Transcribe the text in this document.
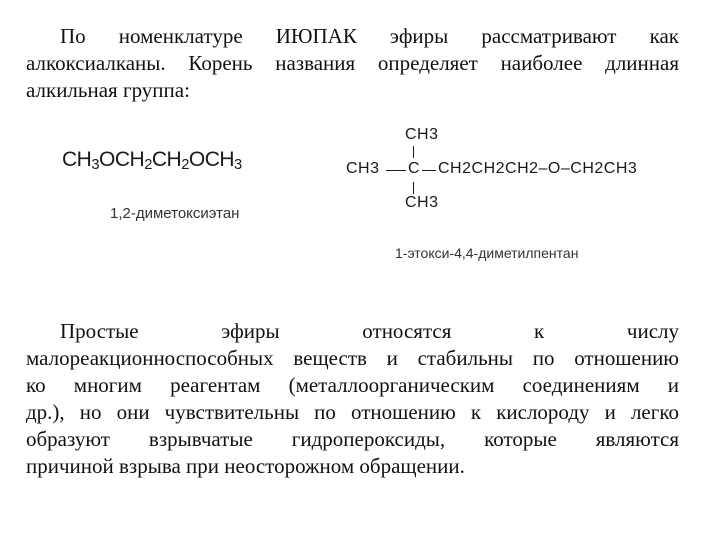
По номенклатуре ИЮПАК эфиры рассматривают как
алкоксиалканы. Корень названия определяет наиболее длинная
алкильная группа:
$CH_3OCH_2CH_2OCH_3$
1,2-диметоксиэтан
CH3
CH3 C CH2CH2CH2–O–CH2CH3
CH3
1-этокси-4,4-диметилпентан
Простые эфиры относятся к числу
малореакционноспособных веществ и стабильны по отношению
ко многим реагентам (металлоорганическим соединениям и
др.), но они чувствительны по отношению к кислороду и легко
образуют взрывчатые гидропероксиды, которые являются
причиной взрыва при неосторожном обращении.
